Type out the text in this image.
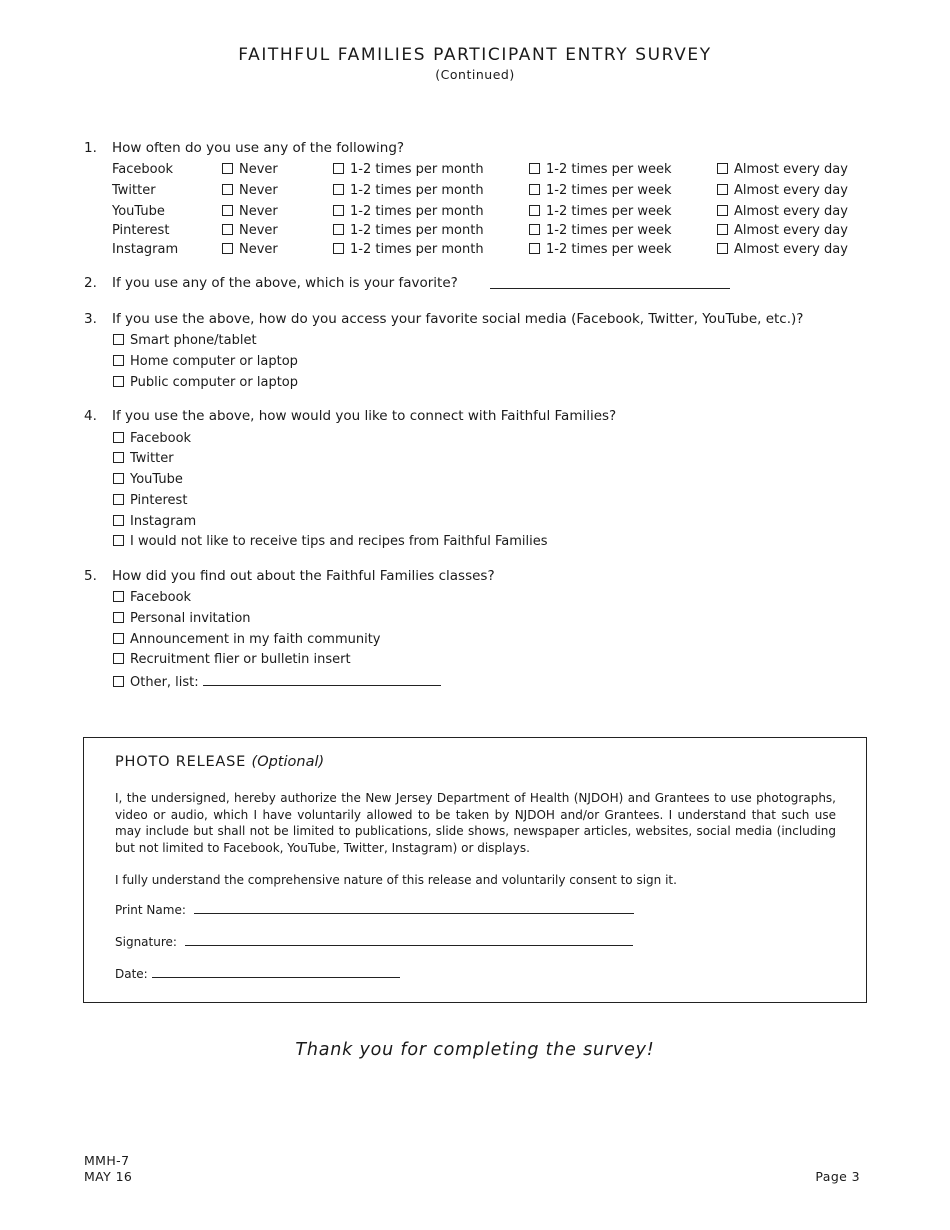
FAITHFUL FAMILIES PARTICIPANT ENTRY SURVEY
(Continued)
1. How often do you use any of the following?
Facebook	Never	1-2 times per month	1-2 times per week	Almost every day
Twitter	Never	1-2 times per month	1-2 times per week	Almost every day
YouTube	Never	1-2 times per month	1-2 times per week	Almost every day
Pinterest	Never	1-2 times per month	1-2 times per week	Almost every day
Instagram	Never	1-2 times per month	1-2 times per week	Almost every day
2. If you use any of the above, which is your favorite?
3. If you use the above, how do you access your favorite social media (Facebook, Twitter, YouTube, etc.)?
Smart phone/tablet
Home computer or laptop
Public computer or laptop
4. If you use the above, how would you like to connect with Faithful Families?
Facebook
Twitter
YouTube
Pinterest
Instagram
I would not like to receive tips and recipes from Faithful Families
5. How did you find out about the Faithful Families classes?
Facebook
Personal invitation
Announcement in my faith community
Recruitment flier or bulletin insert
Other, list:
PHOTO RELEASE (Optional)
I, the undersigned, hereby authorize the New Jersey Department of Health (NJDOH) and Grantees to use photographs, video or audio, which I have voluntarily allowed to be taken by NJDOH and/or Grantees. I understand that such use may include but shall not be limited to publications, slide shows, newspaper articles, websites, social media (including but not limited to Facebook, YouTube, Twitter, Instagram) or displays.
I fully understand the comprehensive nature of this release and voluntarily consent to sign it.
Print Name:
Signature:
Date:
Thank you for completing the survey!
MMH-7
MAY 16	Page 3
